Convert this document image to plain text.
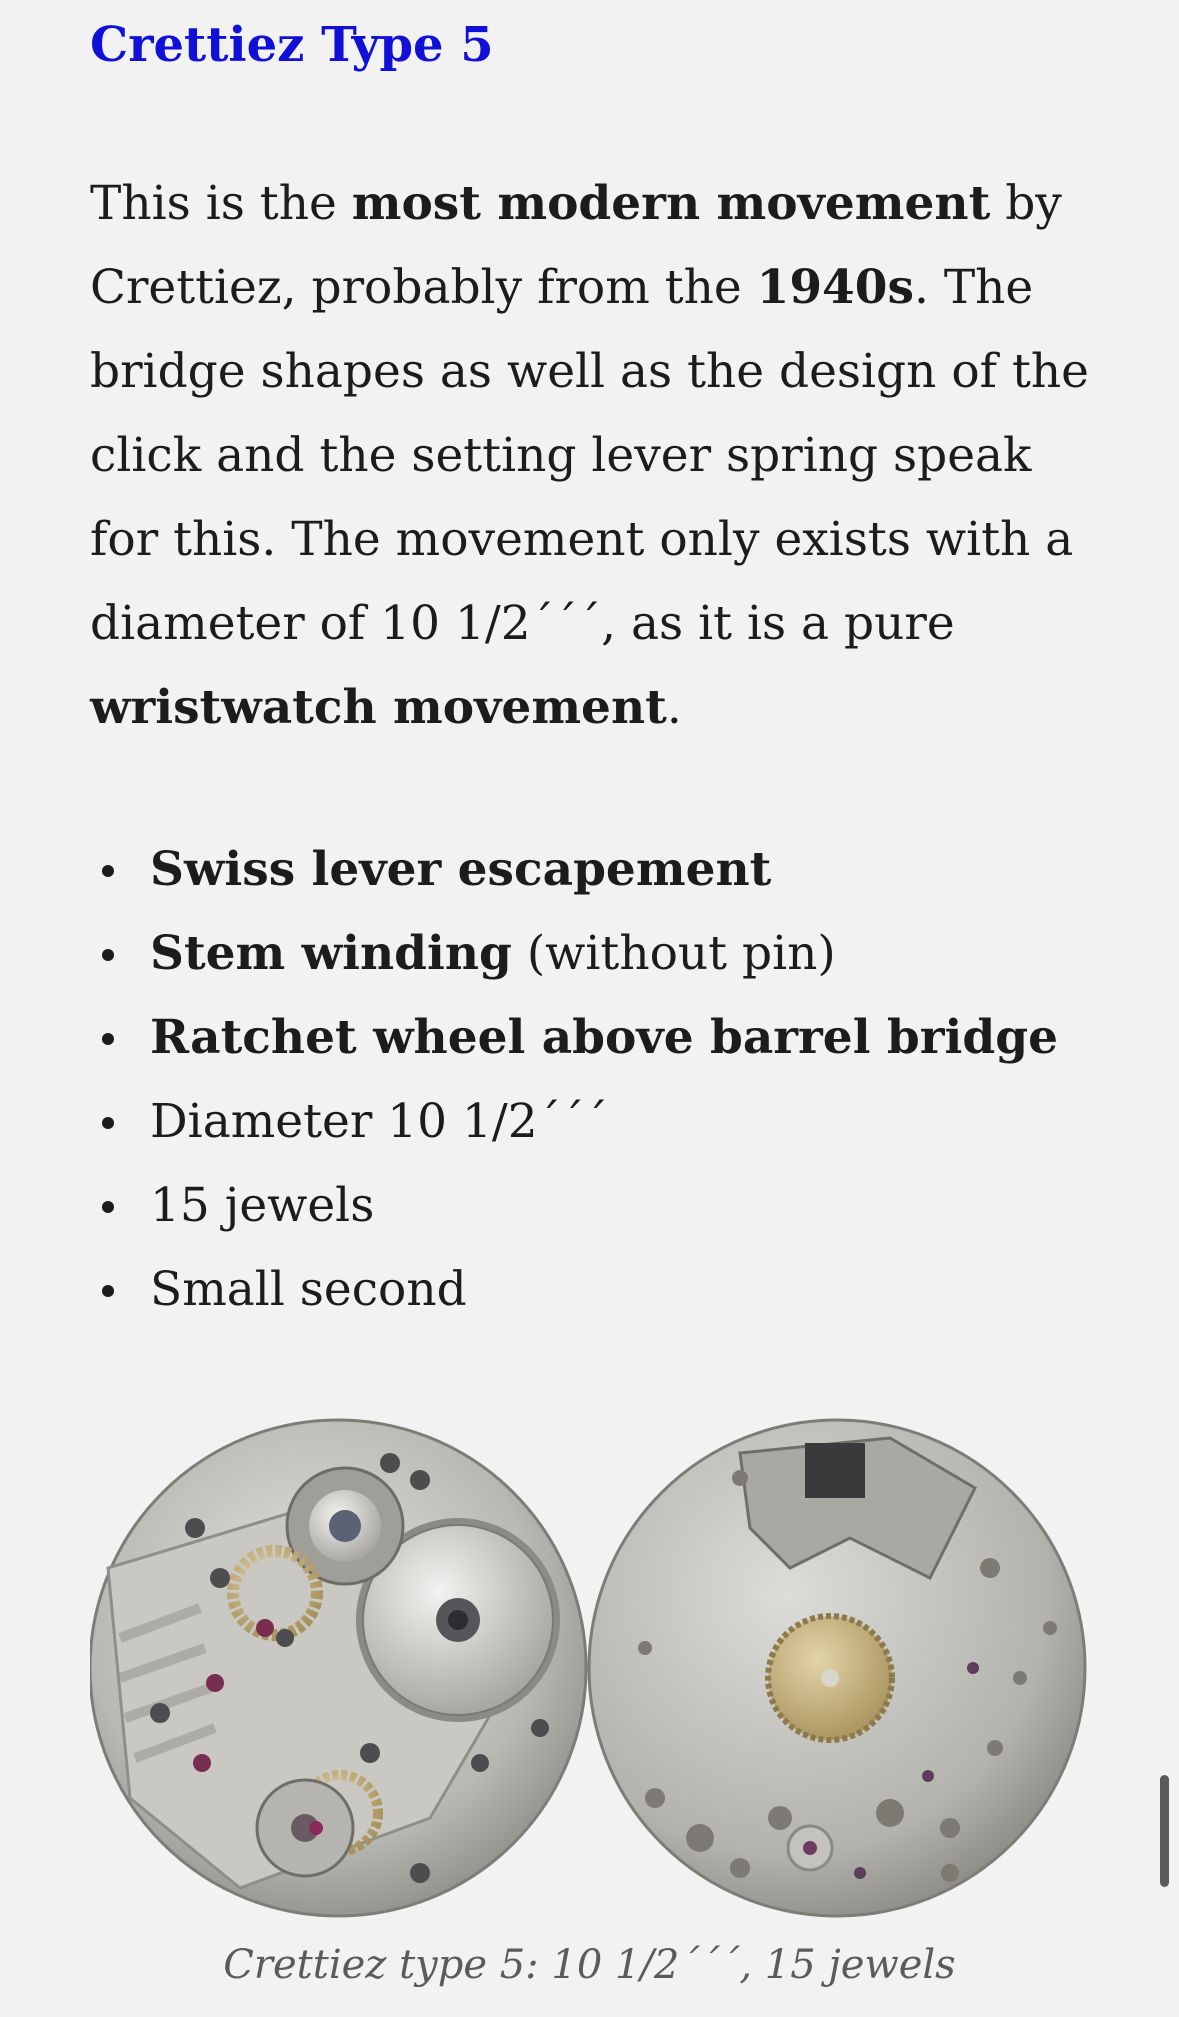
Crettiez Type 5

This is the most modern movement by
Crettiez, probably from the 1940s. The
bridge shapes as well as the design of the
click and the setting lever spring speak
for this. The movement only exists with a
diameter of 10 1/2´´´, as it is a pure
wristwatch movement.

Swiss lever escapement
Stem winding (without pin)
Ratchet wheel above barrel bridge
Diameter 10 1/2´´´
15 jewels
Small second
Crettiez type 5: 10 1/2´´´, 15 jewels
